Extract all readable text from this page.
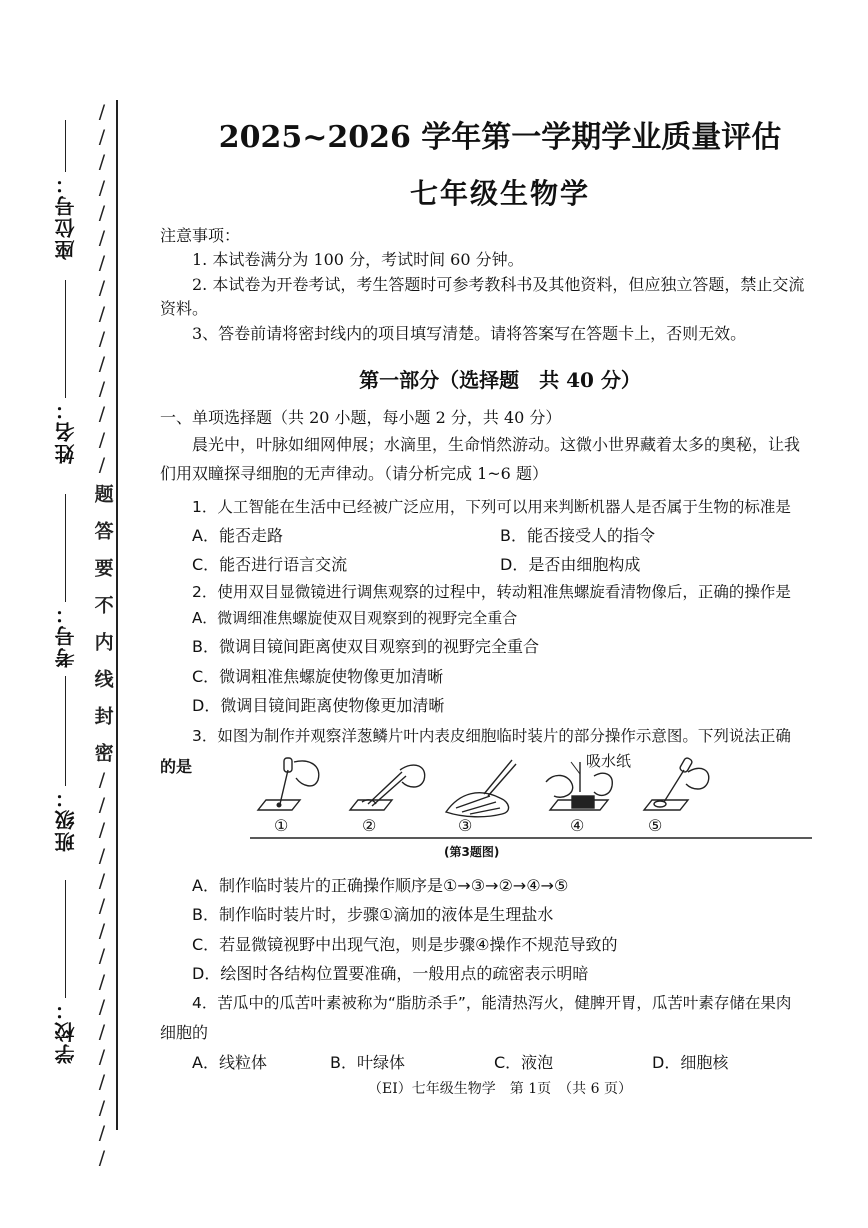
座位号：
姓名：
考号：
班级：
学校：
/
/
/
/
/
/
/
/
/
/
/
/
/
/
/
题
答
要
不
内
线
封
密
/
/
/
/
/
/
/
/
/
/
/
/
/
/
/
/
2025~2026 学年第一学期学业质量评估
七年级生物学
注意事项：
1. 本试卷满分为 100 分，考试时间 60 分钟。
2. 本试卷为开卷考试，考生答题时可参考教科书及其他资料，但应独立答题，禁止交流
资料。
3、答卷前请将密封线内的项目填写清楚。请将答案写在答题卡上，否则无效。
第一部分（选择题　共 40 分）
一、单项选择题（共 20 小题，每小题 2 分，共 40 分）
晨光中，叶脉如细网伸展；水滴里，生命悄然游动。这微小世界藏着太多的奥秘，让我
们用双瞳探寻细胞的无声律动。（请分析完成 1~6 题）
1．人工智能在生活中已经被广泛应用，下列可以用来判断机器人是否属于生物的标准是
A．能否走路	B．能否接受人的指令
C．能否进行语言交流	D．是否由细胞构成
2．使用双目显微镜进行调焦观察的过程中，转动粗准焦螺旋看清物像后，正确的操作是
A．微调细准焦螺旋使双目观察到的视野完全重合
B．微调目镜间距离使双目观察到的视野完全重合
C．微调粗准焦螺旋使物像更加清晰
D．微调目镜间距离使物像更加清晰
3．如图为制作并观察洋葱鳞片叶内表皮细胞临时装片的部分操作示意图。下列说法正确
的是	吸水纸
①	②	③	④	⑤
(第3题图)
A．制作临时装片的正确操作顺序是①→③→②→④→⑤
B．制作临时装片时，步骤①滴加的液体是生理盐水
C．若显微镜视野中出现气泡，则是步骤④操作不规范导致的
D．绘图时各结构位置要准确，一般用点的疏密表示明暗
4．苦瓜中的瓜苦叶素被称为“脂肪杀手”，能清热泻火，健脾开胃，瓜苦叶素存储在果肉
细胞的
A．线粒体	B．叶绿体	C．液泡	D．细胞核
（EI）七年级生物学　第 1页　（共 6 页）
